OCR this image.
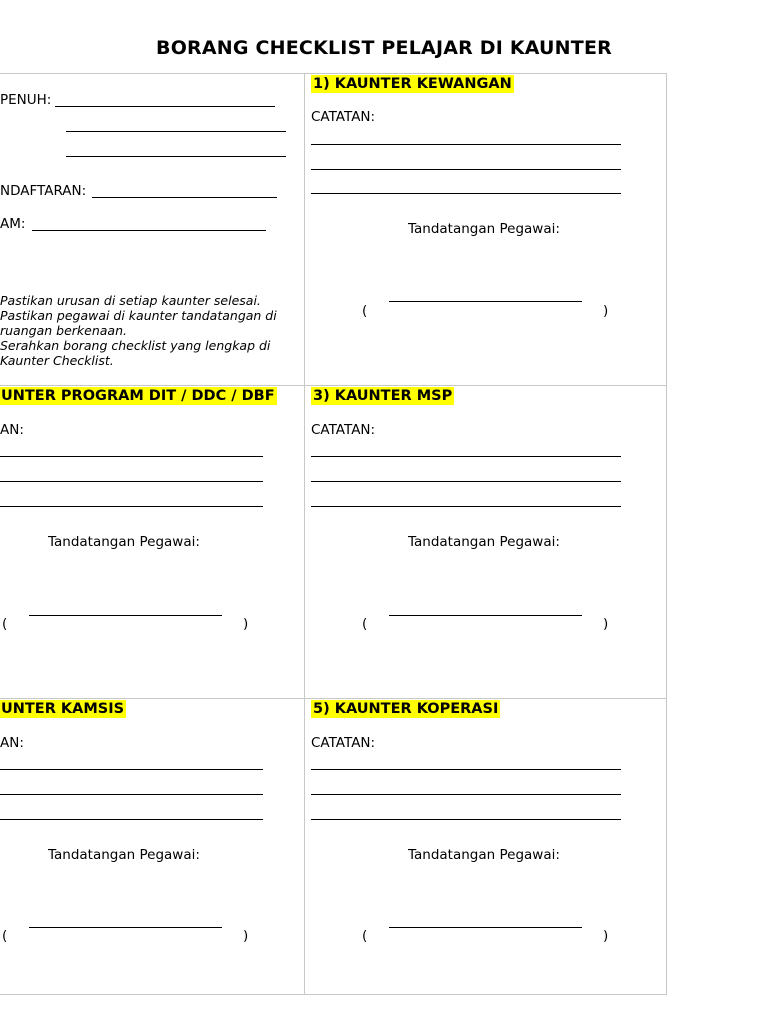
BORANG CHECKLIST PELAJAR DI KAUNTER
PENUH:
NDAFTARAN:
AM:
Pastikan urusan di setiap kaunter selesai.
Pastikan pegawai di kaunter tandatangan di
ruangan berkenaan.
Serahkan borang checklist yang lengkap di
Kaunter Checklist.
1) KAUNTER KEWANGAN
CATATAN:
Tandatangan Pegawai:
(	)
UNTER PROGRAM DIT / DDC / DBF
AN:
Tandatangan Pegawai:
(	)
3) KAUNTER MSP
CATATAN:
Tandatangan Pegawai:
(	)
UNTER KAMSIS
AN:
Tandatangan Pegawai:
(	)
5) KAUNTER KOPERASI
CATATAN:
Tandatangan Pegawai:
(	)
